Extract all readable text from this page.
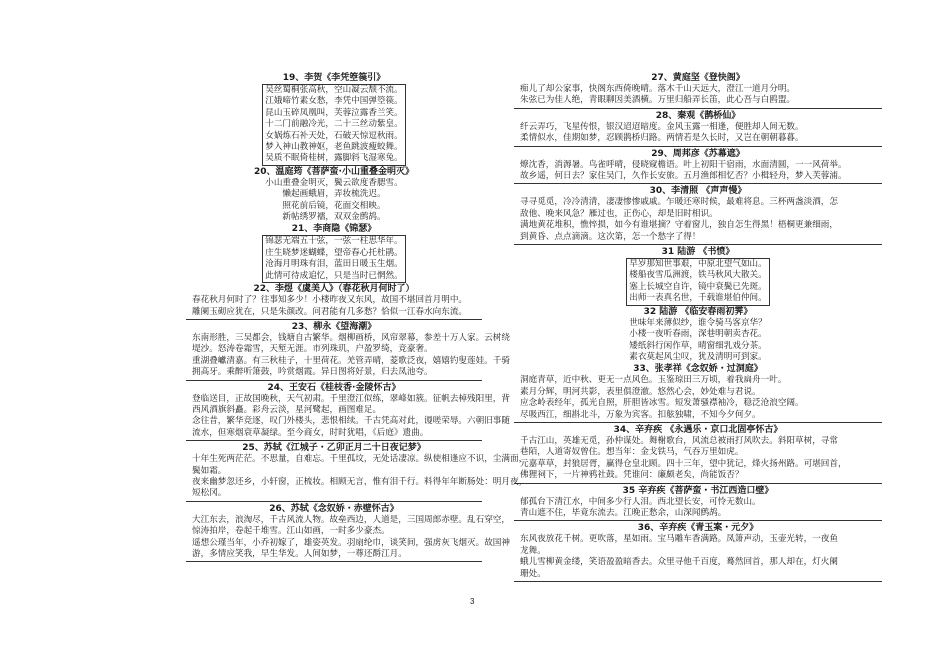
19、李贺《李凭箜篌引》
吴丝蜀桐张高秋，空山凝云颓不流。
江娥啼竹素女愁，李凭中国弹箜篌。
昆山玉碎凤凰叫，芙蓉泣露香兰笑。
十二门前融冷光，二十三丝动紫皇。
女娲炼石补天处，石破天惊逗秋雨。
梦入神山教神妪，老鱼跳波瘦蛟舞。
吴质不眠倚桂树，露脚斜飞湿寒兔。
20、温庭筠《菩萨蛮·小山重叠金明灭》
小山重叠金明灭，鬓云欲度香腮雪。
懒起画蛾眉，弄妆梳洗迟。
照花前后镜，花面交相映。
新帖绣罗襦，双双金鹧鸪。
21、李商隐《锦瑟》
锦瑟无端五十弦，一弦一柱思华年。
庄生晓梦迷蝴蝶，望帝春心托杜鹃。
沧海月明珠有泪，蓝田日暖玉生烟。
此情可待成追忆，只是当时已惘然。
22、李煜《虞美人》（春花秋月何时了）
春花秋月何时了？往事知多少！小楼昨夜又东风，故国不堪回首月明中。
雕阑玉砌应犹在，只是朱颜改。问君能有几多愁？恰似一江春水向东流。
23、柳永《望海潮》
东南形胜，三吴都会，钱塘自古繁华。烟柳画桥，风帘翠幕，参差十万人家。云树绕
堤沙。怒涛卷霜雪，天堑无涯。市列珠玑，户盈罗绮，竞豪奢。
重湖叠巘清嘉。有三秋桂子，十里荷花。羌管弄晴，菱歌泛夜，嬉嬉钓叟莲娃。千骑
拥高牙。乘醉听箫鼓，吟赏烟霞。异日图将好景，归去凤池夸。
24、王安石《桂枝香·金陵怀古》
登临送目，正故国晚秋，天气初肃。千里澄江似练，翠峰如簇。征帆去棹残阳里，背
西风酒旗斜矗。彩舟云淡，星河鹭起，画图难足。
念往昔，繁华竞逐，叹门外楼头，悲恨相续。千古凭高对此，谩嗟荣辱。六朝旧事随
流水，但寒烟衰草凝绿。至今商女，时时犹唱，《后庭》遗曲。
25、苏轼《江城子・乙卯正月二十日夜记梦》
十年生死两茫茫。不思量，自难忘。千里孤坟，无处话凄凉。纵使相逢应不识，尘满面，
鬓如霜。
夜来幽梦忽还乡，小轩窗，正梳妆。相顾无言，惟有泪千行。料得年年断肠处：明月夜，
短松冈。
26、苏轼《念奴娇・赤壁怀古》
大江东去，浪淘尽，千古风流人物。故垒西边，人道是，三国周郎赤壁。乱石穿空，
惊涛拍岸，卷起千堆雪。江山如画，一时多少豪杰。
遥想公瑾当年，小乔初嫁了，雄姿英发。羽扇纶巾，谈笑间，强虏灰飞烟灭。故国神
游，多情应笑我，早生华发。人间如梦，一尊还酹江月。
27、黄庭坚《登快阁》
痴儿了却公家事，快阁东西倚晚晴。落木千山天远大，澄江一道月分明。
朱弦已为佳人绝，青眼聊因美酒横。万里归船弄长笛，此心吾与白鸥盟。
28、秦观《鹊桥仙》
纤云弄巧，飞星传恨，银汉迢迢暗度。金风玉露一相逢，便胜却人间无数。
柔情似水，佳期如梦，忍顾鹊桥归路。两情若是久长时，又岂在朝朝暮暮。
29、周邦彦《苏幕遮》
燎沈香，消溽暑。鸟雀呼晴，侵晓窥檐语。叶上初阳干宿雨，水面清圆，一一风荷举。
故乡遥，何日去？家住吴门，久作长安旅。五月渔郎相忆否？小楫轻舟，梦入芙蓉浦。
30、李清照 《声声慢》
寻寻觅觅，冷冷清清，凄凄惨惨戚戚。乍暖还寒时候，最难将息。三杯两盏淡酒，怎
敌他、晚来风急？雁过也，正伤心，却是旧时相识。
满地黄花堆积，憔悴损，如今有谁堪摘？守着窗儿，独自怎生得黑！梧桐更兼细雨，
到黄昏、点点滴滴。这次第，怎一个愁字了得！
31 陆游 《书愤》
早岁那知世事艰，中原北望气如山。
楼船夜雪瓜洲渡，铁马秋风大散关。
塞上长城空自许，镜中衰鬓已先斑。
出师一表真名世，千载谁堪伯仲间。
32 陆游 《临安春雨初霁》
世味年来薄似纱，谁令骑马客京华？
小楼一夜听春雨，深巷明朝卖杏花。
矮纸斜行闲作草，晴窗细乳戏分茶。
素衣莫起风尘叹，犹及清明可到家。
33、张孝祥《念奴娇・过洞庭》
洞庭青草，近中秋、更无一点风色。玉鉴琼田三万顷，着我扁舟一叶。
素月分辉，明河共影，表里俱澄澈。悠然心会，妙处难与君说。
应念岭表经年，孤光自照，肝胆皆冰雪。短发萧骚襟袖冷，稳泛沧浪空阔。
尽吸西江，细斟北斗，万象为宾客。扣舷独啸，不知今夕何夕。
34、辛弃疾 《永遇乐・京口北固亭怀古》
千古江山，英雄无觅，孙仲谋处。舞榭歌台，风流总被雨打风吹去。斜阳草树，寻常
巷陌，人道寄奴曾住。想当年：金戈铁马，气吞万里如虎。
元嘉草草，封狼居胥，赢得仓皇北顾。四十三年，望中犹记，烽火扬州路。可堪回首，
佛狸祠下，一片神鸦社鼓。凭谁问：廉颇老矣，尚能饭否？
35 辛弃疾《菩萨蛮・书江西造口壁》
郁孤台下清江水，中间多少行人泪。西北望长安，可怜无数山。
青山遮不住，毕竟东流去。江晚正愁余，山深闻鹧鸪。
36、辛弃疾《青玉案・元夕》
东风夜放花千树。更吹落，星如雨。宝马雕车香满路。凤箫声动，玉壶光转，一夜鱼
龙舞。
蛾儿雪柳黄金缕，笑语盈盈暗香去。众里寻他千百度，蓦然回首，那人却在，灯火阑
珊处。
3
